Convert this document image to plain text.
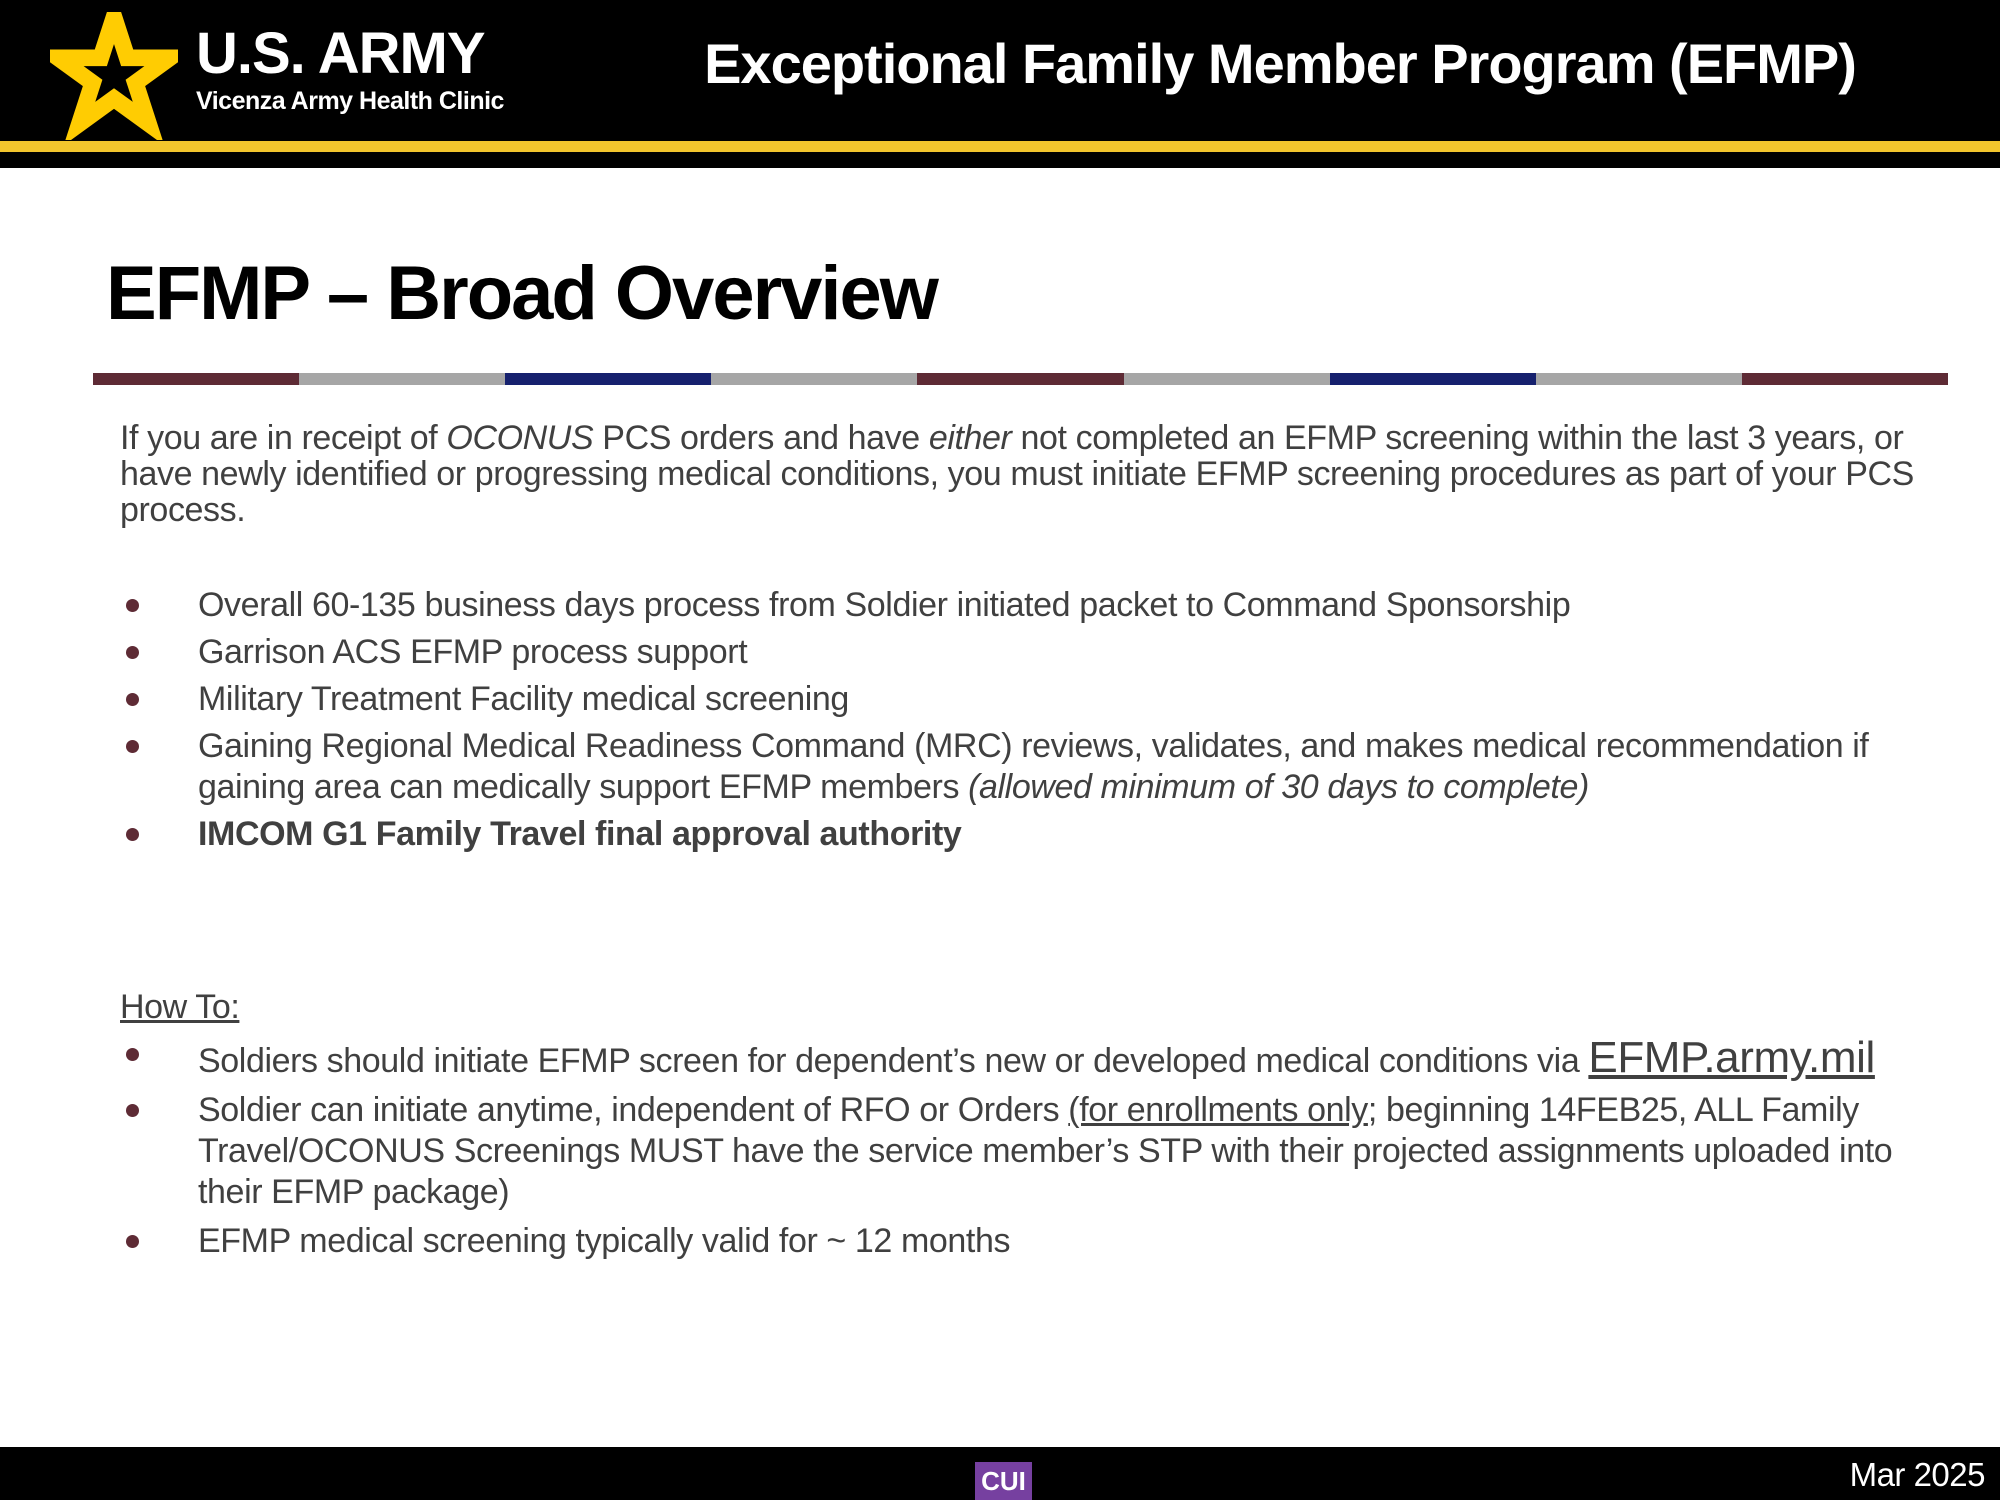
U.S. ARMY
Vicenza Army Health Clinic
Exceptional Family Member Program (EFMP)
EFMP – Broad Overview

If you are in receipt of OCONUS PCS orders and have either not completed an EFMP screening within the last 3 years, or have newly identified or progressing medical conditions, you must initiate EFMP screening procedures as part of your PCS process.

Overall 60-135 business days process from Soldier initiated packet to Command Sponsorship
Garrison ACS EFMP process support
Military Treatment Facility medical screening
Gaining Regional Medical Readiness Command (MRC) reviews, validates, and makes medical recommendation if gaining area can medically support EFMP members (allowed minimum of 30 days to complete)
IMCOM G1 Family Travel final approval authority
How To:
Soldiers should initiate EFMP screen for dependent’s new or developed medical conditions via EFMP.army.mil
Soldier can initiate anytime, independent of RFO or Orders (for enrollments only; beginning 14FEB25, ALL Family Travel/OCONUS Screenings MUST have the service member’s STP with their projected assignments uploaded into their EFMP package)
EFMP medical screening typically valid for ~ 12 months
CUI	Mar 2025
